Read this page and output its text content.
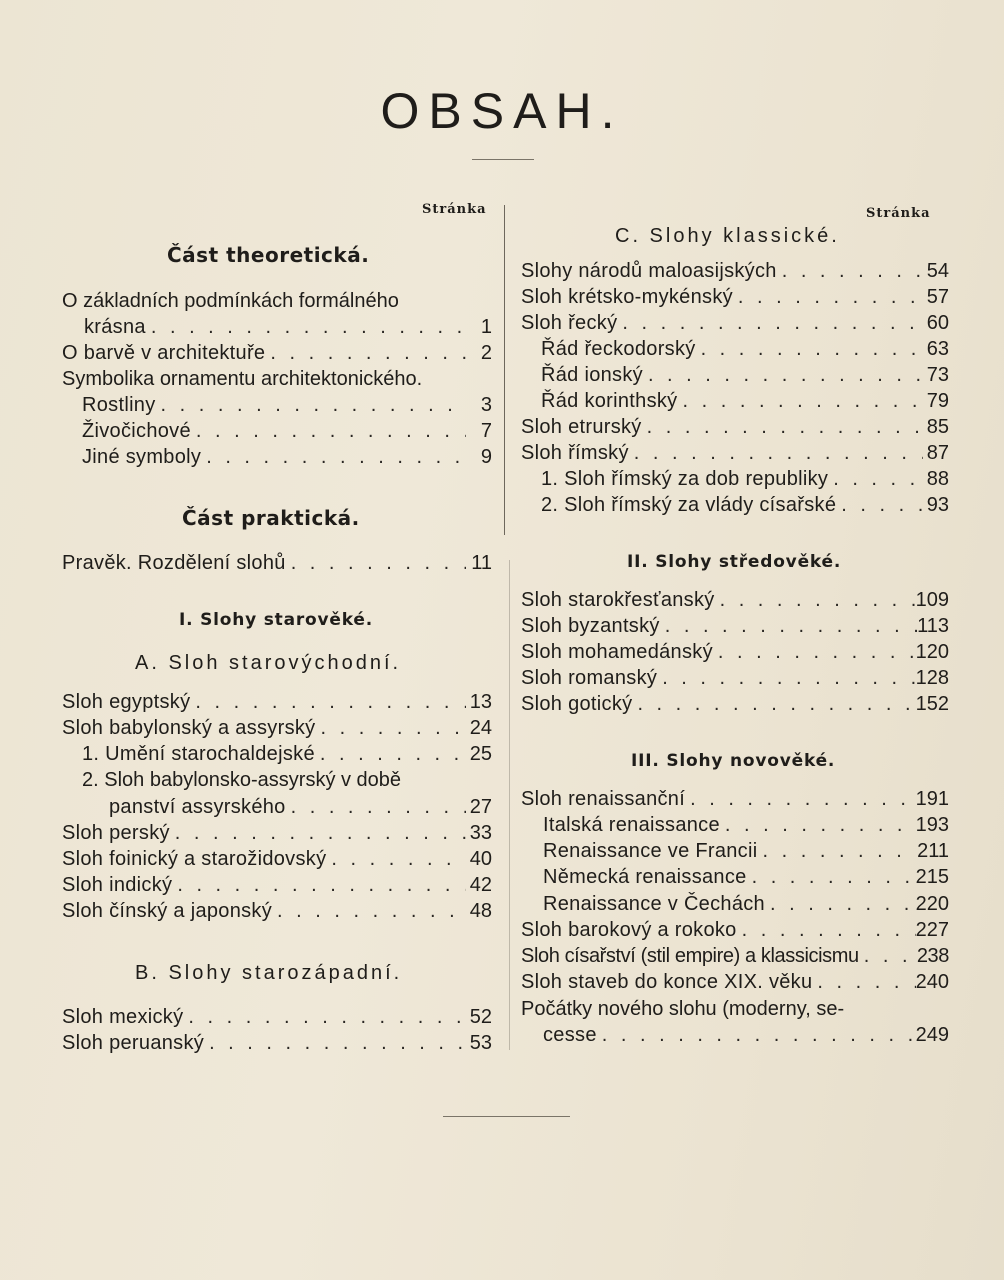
OBSAH.
Stránka
Část theoretická.
O základních podmínkách formálného
krásna . . .	1
O barvě v architektuře . . .	2
Symbolika ornamentu architektonického.
Rostliny . . .	3
Živočichové . . .	7
Jiné symboly . . .	9
Část praktická.
Pravěk. Rozdělení slohů . . .	11
I. Slohy starověké.
A. Sloh starovýchodní.
Sloh egyptský . . .	13
Sloh babylonský a assyrský . . .	24
1. Umění starochaldejské . . .	25
2. Sloh babylonsko-assyrský v době
panství assyrského . . .	27
Sloh perský . . .	33
Sloh foinický a starožidovský . . .	40
Sloh indický . . .	42
Sloh čínský a japonský . . .	48
B. Slohy starozápadní.
Sloh mexický . . .	52
Sloh peruanský . . .	53
Stránka
C. Slohy klassické.
Slohy národů maloasijských . . .	54
Sloh krétsko-mykénský . . .	57
Sloh řecký . . .	60
Řád řeckodorský . . .	63
Řád ionský . . .	73
Řád korinthský . . .	79
Sloh etrurský . . .	85
Sloh římský . . .	87
1. Sloh římský za dob republiky . . .	88
2. Sloh římský za vlády císařské . . .	93
II. Slohy středověké.
Sloh starokřesťanský . . .	109
Sloh byzantský . . .	113
Sloh mohamedánský . . .	120
Sloh romanský . . .	128
Sloh gotický . . .	152
III. Slohy novověké.
Sloh renaissanční . . .	191
Italská renaissance . . .	193
Renaissance ve Francii . . .	211
Německá renaissance . . .	215
Renaissance v Čechách . . .	220
Sloh barokový a rokoko . . .	227
Sloh císařství (stil empire) a klassicismu . . .	238
Sloh staveb do konce XIX. věku . . .	240
Počátky nového slohu (moderny, se-
cesse . . .	249
